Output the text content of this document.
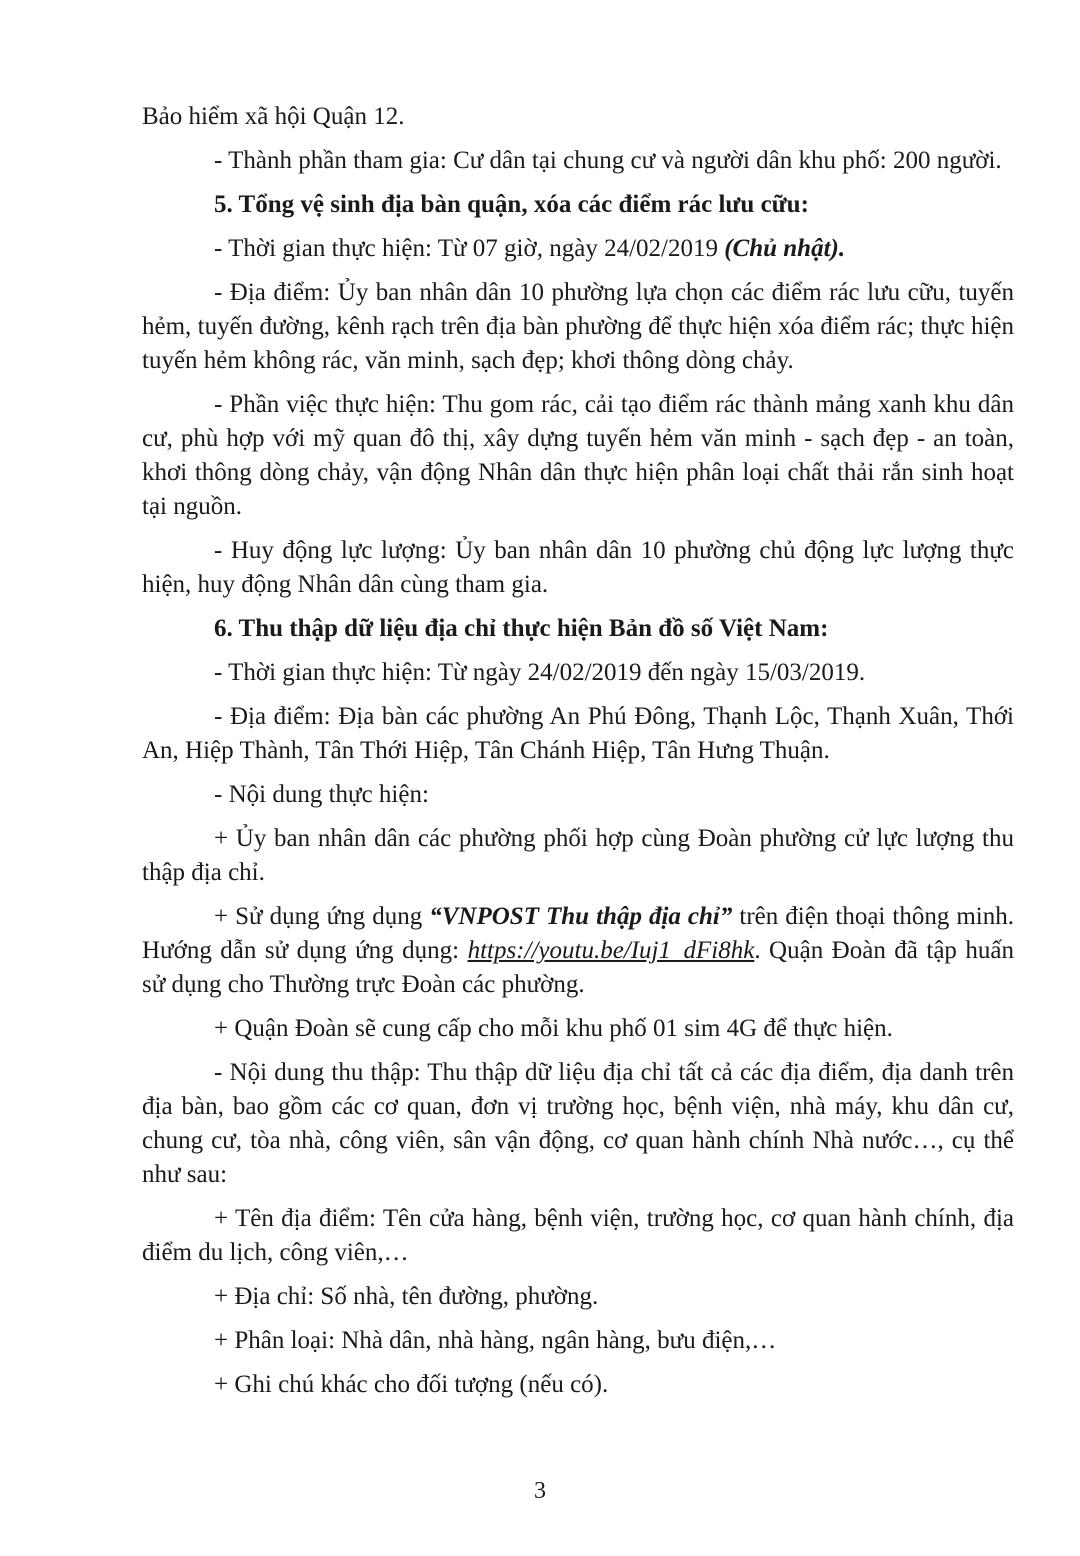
Bảo hiểm xã hội Quận 12.

- Thành phần tham gia: Cư dân tại chung cư và người dân khu phố: 200 người.

5. Tổng vệ sinh địa bàn quận, xóa các điểm rác lưu cữu:

- Thời gian thực hiện: Từ 07 giờ, ngày 24/02/2019 (Chủ nhật).

- Địa điểm: Ủy ban nhân dân 10 phường lựa chọn các điểm rác lưu cữu, tuyến hẻm, tuyến đường, kênh rạch trên địa bàn phường để thực hiện xóa điểm rác; thực hiện tuyến hẻm không rác, văn minh, sạch đẹp; khơi thông dòng chảy.

- Phần việc thực hiện: Thu gom rác, cải tạo điểm rác thành mảng xanh khu dân cư, phù hợp với mỹ quan đô thị, xây dựng tuyến hẻm văn minh - sạch đẹp - an toàn, khơi thông dòng chảy, vận động Nhân dân thực hiện phân loại chất thải rắn sinh hoạt tại nguồn.

- Huy động lực lượng: Ủy ban nhân dân 10 phường chủ động lực lượng thực hiện, huy động Nhân dân cùng tham gia.

6. Thu thập dữ liệu địa chỉ thực hiện Bản đồ số Việt Nam:

- Thời gian thực hiện: Từ ngày 24/02/2019 đến ngày 15/03/2019.

- Địa điểm: Địa bàn các phường An Phú Đông, Thạnh Lộc, Thạnh Xuân, Thới An, Hiệp Thành, Tân Thới Hiệp, Tân Chánh Hiệp, Tân Hưng Thuận.

- Nội dung thực hiện:

+ Ủy ban nhân dân các phường phối hợp cùng Đoàn phường cử lực lượng thu thập địa chỉ.

+ Sử dụng ứng dụng “VNPOST Thu thập địa chỉ” trên điện thoại thông minh. Hướng dẫn sử dụng ứng dụng: https://youtu.be/Iuj1_dFi8hk. Quận Đoàn đã tập huấn sử dụng cho Thường trực Đoàn các phường.

+ Quận Đoàn sẽ cung cấp cho mỗi khu phố 01 sim 4G để thực hiện.

- Nội dung thu thập: Thu thập dữ liệu địa chỉ tất cả các địa điểm, địa danh trên địa bàn, bao gồm các cơ quan, đơn vị trường học, bệnh viện, nhà máy, khu dân cư, chung cư, tòa nhà, công viên, sân vận động, cơ quan hành chính Nhà nước…, cụ thể như sau:

+ Tên địa điểm: Tên cửa hàng, bệnh viện, trường học, cơ quan hành chính, địa điểm du lịch, công viên,…

+ Địa chỉ: Số nhà, tên đường, phường.

+ Phân loại: Nhà dân, nhà hàng, ngân hàng, bưu điện,…

+ Ghi chú khác cho đối tượng (nếu có).

3
